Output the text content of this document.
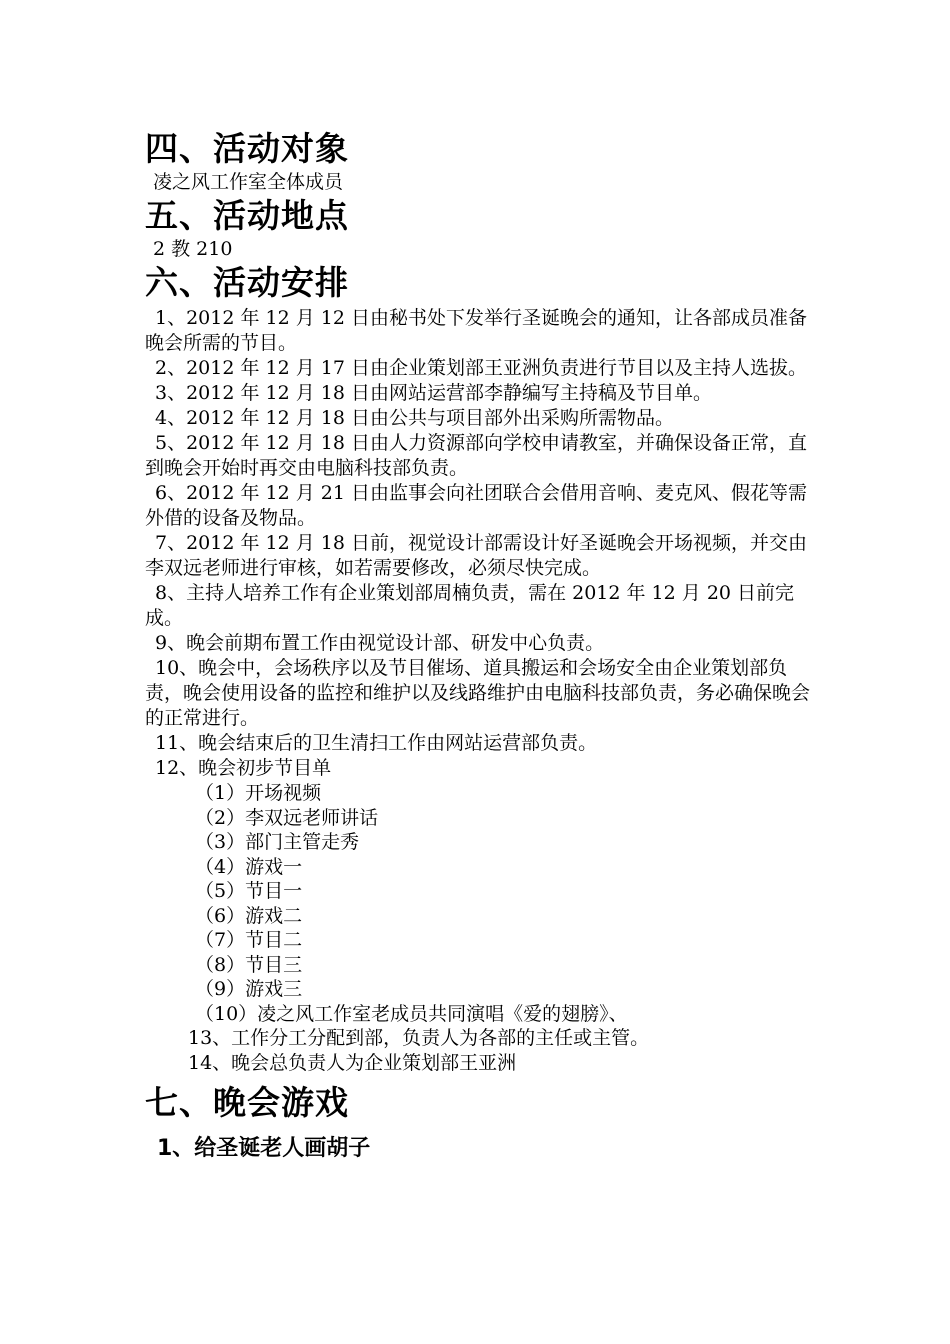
四、活动对象
凌之风工作室全体成员
五、活动地点
2 教 210
六、活动安排
1、2012 年 12 月 12 日由秘书处下发举行圣诞晚会的通知，让各部成员准备晚会所需的节目。
2、2012 年 12 月 17 日由企业策划部王亚洲负责进行节目以及主持人选拔。
3、2012 年 12 月 18 日由网站运营部李静编写主持稿及节目单。
4、2012 年 12 月 18 日由公共与项目部外出采购所需物品。
5、2012 年 12 月 18 日由人力资源部向学校申请教室，并确保设备正常，直到晚会开始时再交由电脑科技部负责。
6、2012 年 12 月 21 日由监事会向社团联合会借用音响、麦克风、假花等需外借的设备及物品。
7、2012 年 12 月 18 日前，视觉设计部需设计好圣诞晚会开场视频，并交由李双远老师进行审核，如若需要修改，必须尽快完成。
8、主持人培养工作有企业策划部周楠负责，需在 2012 年 12 月 20 日前完成。
9、晚会前期布置工作由视觉设计部、研发中心负责。
10、晚会中，会场秩序以及节目催场、道具搬运和会场安全由企业策划部负责，晚会使用设备的监控和维护以及线路维护由电脑科技部负责，务必确保晚会的正常进行。
11、晚会结束后的卫生清扫工作由网站运营部负责。
12、晚会初步节目单
（1）开场视频
（2）李双远老师讲话
（3）部门主管走秀
（4）游戏一
（5）节目一
（6）游戏二
（7）节目二
（8）节目三
（9）游戏三
（10）凌之风工作室老成员共同演唱《爱的翅膀》、
13、工作分工分配到部，负责人为各部的主任或主管。
14、晚会总负责人为企业策划部王亚洲
七、晚会游戏
1、给圣诞老人画胡子
